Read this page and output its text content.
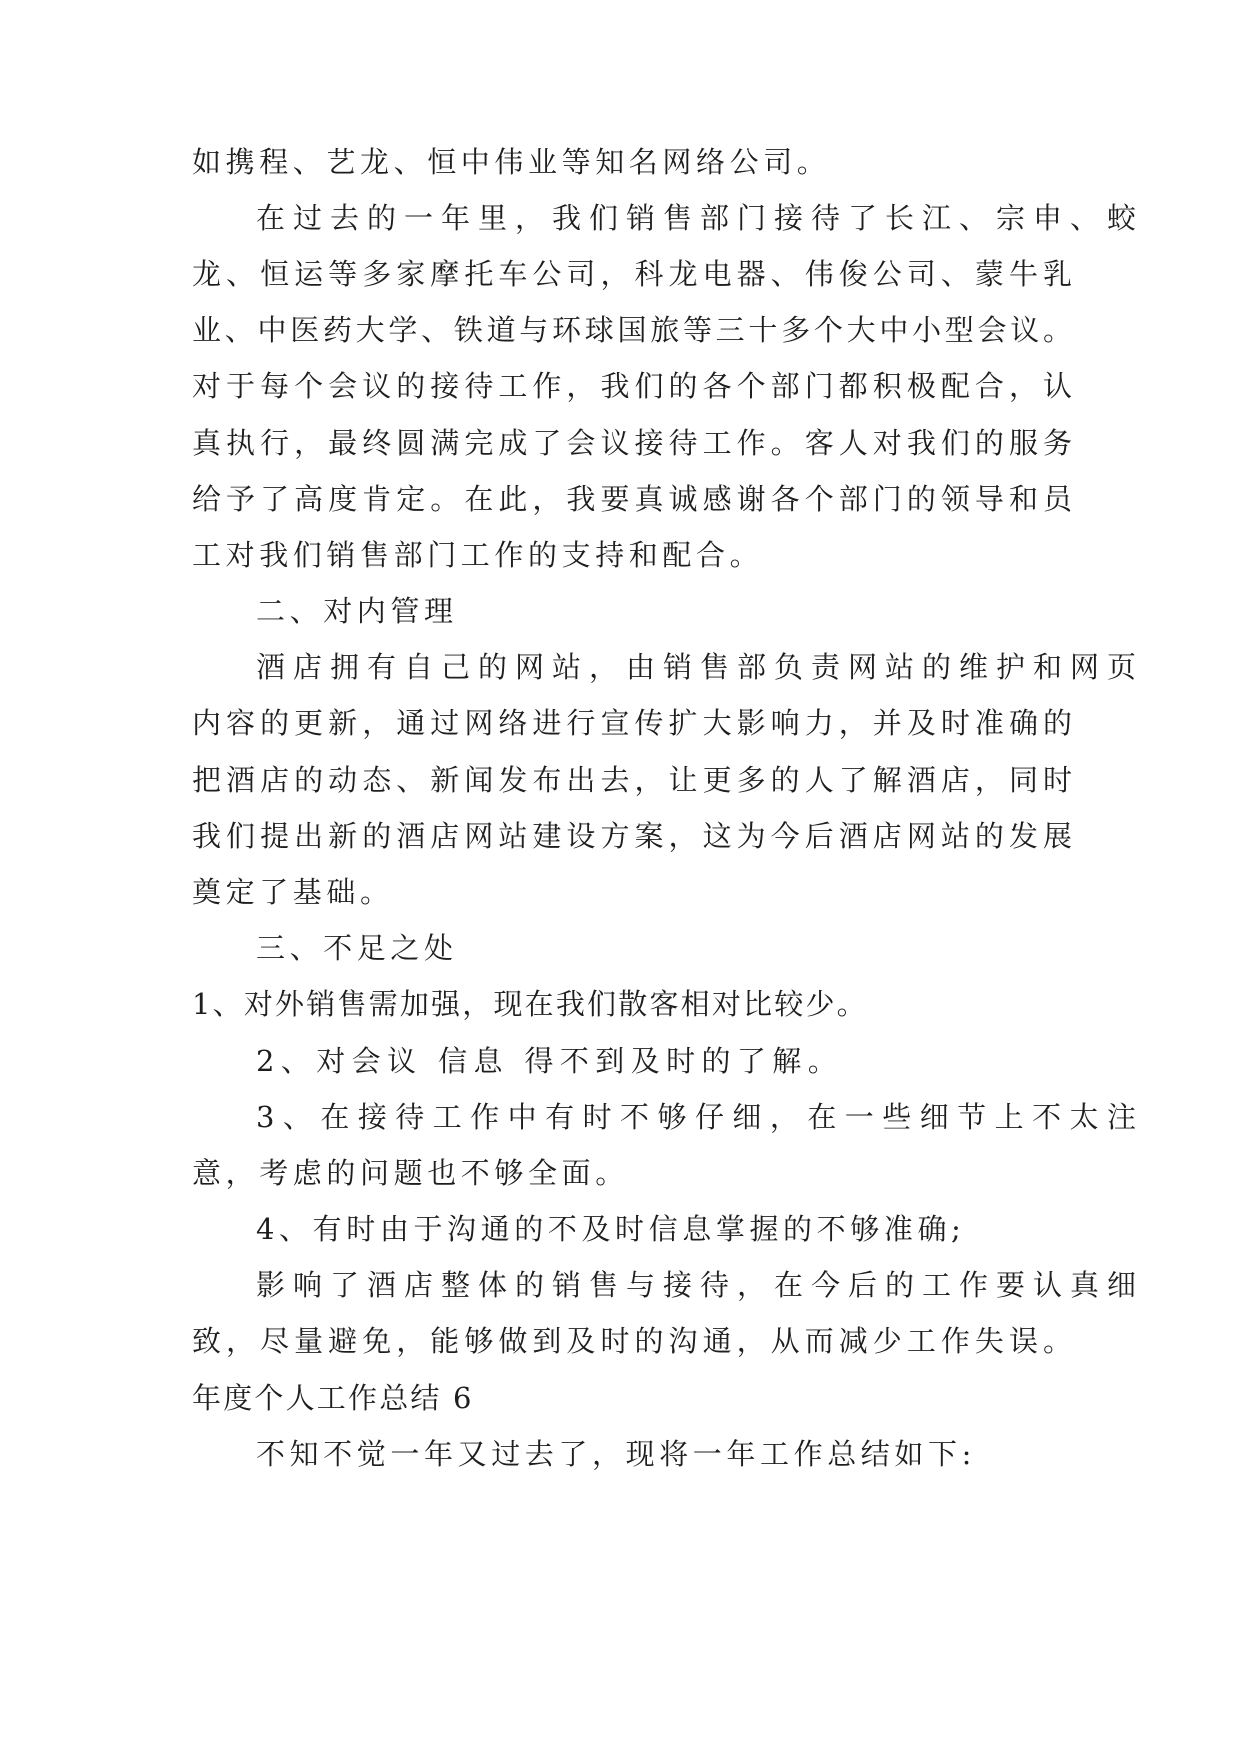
如携程、艺龙、恒中伟业等知名网络公司。

在过去的一年里，我们销售部门接待了长江、宗申、蛟

龙、恒运等多家摩托车公司，科龙电器、伟俊公司、蒙牛乳

业、中医药大学、铁道与环球国旅等三十多个大中小型会议。

对于每个会议的接待工作，我们的各个部门都积极配合，认

真执行，最终圆满完成了会议接待工作。客人对我们的服务

给予了高度肯定。在此，我要真诚感谢各个部门的领导和员

工对我们销售部门工作的支持和配合。

二、对内管理

酒店拥有自己的网站，由销售部负责网站的维护和网页

内容的更新，通过网络进行宣传扩大影响力，并及时准确的

把酒店的动态、新闻发布出去，让更多的人了解酒店，同时

我们提出新的酒店网站建设方案，这为今后酒店网站的发展

奠定了基础。

三、不足之处

1、对外销售需加强，现在我们散客相对比较少。

2、对会议 信息 得不到及时的了解。

3、在接待工作中有时不够仔细，在一些细节上不太注

意，考虑的问题也不够全面。

4、有时由于沟通的不及时信息掌握的不够准确;

影响了酒店整体的销售与接待，在今后的工作要认真细

致，尽量避免，能够做到及时的沟通，从而减少工作失误。

年度个人工作总结 6

不知不觉一年又过去了，现将一年工作总结如下:
